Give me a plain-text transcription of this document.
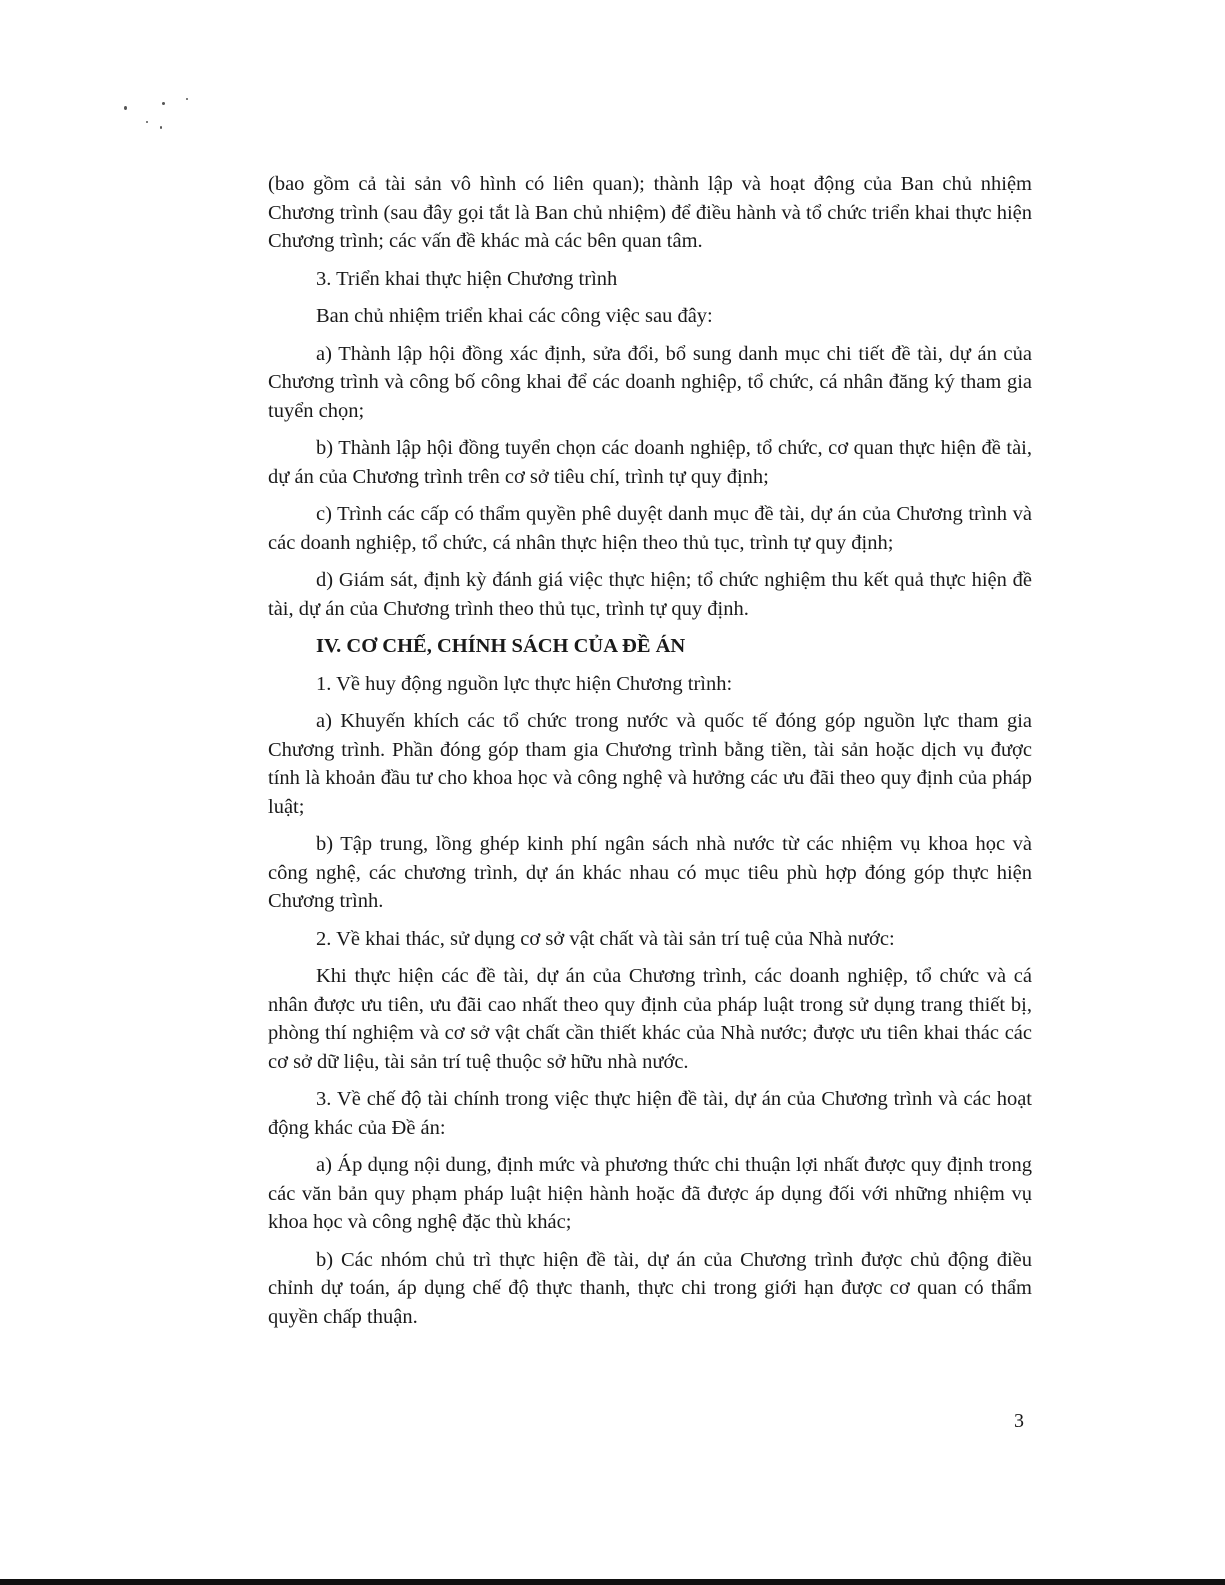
(bao gồm cả tài sản vô hình có liên quan); thành lập và hoạt động của Ban chủ nhiệm Chương trình (sau đây gọi tắt là Ban chủ nhiệm) để điều hành và tổ chức triển khai thực hiện Chương trình; các vấn đề khác mà các bên quan tâm.

3. Triển khai thực hiện Chương trình

Ban chủ nhiệm triển khai các công việc sau đây:

a) Thành lập hội đồng xác định, sửa đổi, bổ sung danh mục chi tiết đề tài, dự án của Chương trình và công bố công khai để các doanh nghiệp, tổ chức, cá nhân đăng ký tham gia tuyển chọn;

b) Thành lập hội đồng tuyển chọn các doanh nghiệp, tổ chức, cơ quan thực hiện đề tài, dự án của Chương trình trên cơ sở tiêu chí, trình tự quy định;

c) Trình các cấp có thẩm quyền phê duyệt danh mục đề tài, dự án của Chương trình và các doanh nghiệp, tổ chức, cá nhân thực hiện theo thủ tục, trình tự quy định;

d) Giám sát, định kỳ đánh giá việc thực hiện; tổ chức nghiệm thu kết quả thực hiện đề tài, dự án của Chương trình theo thủ tục, trình tự quy định.

IV. CƠ CHẾ, CHÍNH SÁCH CỦA ĐỀ ÁN

1. Về huy động nguồn lực thực hiện Chương trình:

a) Khuyến khích các tổ chức trong nước và quốc tế đóng góp nguồn lực tham gia Chương trình. Phần đóng góp tham gia Chương trình bằng tiền, tài sản hoặc dịch vụ được tính là khoản đầu tư cho khoa học và công nghệ và hưởng các ưu đãi theo quy định của pháp luật;

b) Tập trung, lồng ghép kinh phí ngân sách nhà nước từ các nhiệm vụ khoa học và công nghệ, các chương trình, dự án khác nhau có mục tiêu phù hợp đóng góp thực hiện Chương trình.

2. Về khai thác, sử dụng cơ sở vật chất và tài sản trí tuệ của Nhà nước:

Khi thực hiện các đề tài, dự án của Chương trình, các doanh nghiệp, tổ chức và cá nhân được ưu tiên, ưu đãi cao nhất theo quy định của pháp luật trong sử dụng trang thiết bị, phòng thí nghiệm và cơ sở vật chất cần thiết khác của Nhà nước; được ưu tiên khai thác các cơ sở dữ liệu, tài sản trí tuệ thuộc sở hữu nhà nước.

3. Về chế độ tài chính trong việc thực hiện đề tài, dự án của Chương trình và các hoạt động khác của Đề án:

a) Áp dụng nội dung, định mức và phương thức chi thuận lợi nhất được quy định trong các văn bản quy phạm pháp luật hiện hành hoặc đã được áp dụng đối với những nhiệm vụ khoa học và công nghệ đặc thù khác;

b) Các nhóm chủ trì thực hiện đề tài, dự án của Chương trình được chủ động điều chỉnh dự toán, áp dụng chế độ thực thanh, thực chi trong giới hạn được cơ quan có thẩm quyền chấp thuận.

3
